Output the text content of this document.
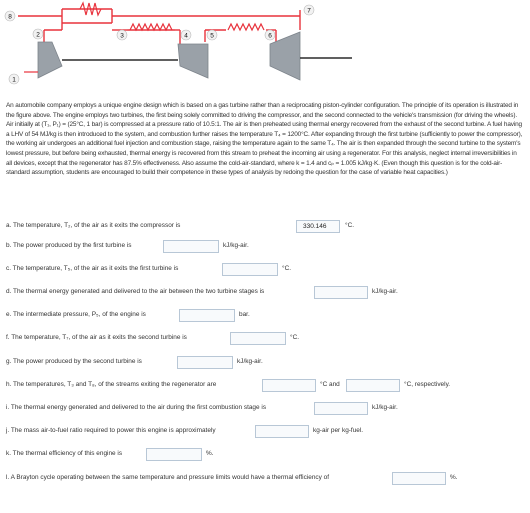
8
2	3	4	5	6
7
1
An automobile company employs a unique engine design which is based on a gas turbine rather than a reciprocating piston-cylinder configuration. The principle of its operation is illustrated in the figure above. The engine employs two turbines, the first being solely committed to driving the compressor, and the second connected to the vehicle's transmission (for driving the wheels). Air initially at (T₁, P₁) = (25°C, 1 bar) is compressed at a pressure ratio of 10.5:1. The air is then preheated using thermal energy recovered from the exhaust of the second turbine. A fuel having a LHV of 54 MJ/kg is then introduced to the system, and combustion further raises the temperature T₄ = 1200°C. After expanding through the first turbine (sufficiently to power the compressor), the working air undergoes an additional fuel injection and combustion stage, raising the temperature again to the same T₄. The air is then expanded through the second turbine to the system's lowest pressure, but before being exhausted, thermal energy is recovered from this stream to preheat the incoming air using a regenerator. For this analysis, neglect internal irreversibilities in all devices, except that the regenerator has 87.5% effectiveness. Also assume the cold-air-standard, where k = 1.4 and cₚ = 1.005 kJ/kg·K. (Even though this question is for the cold-air-standard assumption, students are encouraged to build their competence in these types of analysis by redoing the question for the case of variable heat capacities.)
a. The temperature, T₂, of the air as it exits the compressor is	330.146	°C.
b. The power produced by the first turbine is	kJ/kg-air.
c. The temperature, T₅, of the air as it exits the first turbine is	°C.
d. The thermal energy generated and delivered to the air between the two turbine stages is	kJ/kg-air.
e. The intermediate pressure, P₅, of the engine is	bar.
f. The temperature, T₇, of the air as it exits the second turbine is	°C.
g. The power produced by the second turbine is	kJ/kg-air.
h. The temperatures, T₃ and T₈, of the streams exiting the regenerator are	°C and	°C, respectively.
i. The thermal energy generated and delivered to the air during the first combustion stage is	kJ/kg-air.
j. The mass air-to-fuel ratio required to power this engine is approximately	kg-air per kg-fuel.
k. The thermal efficiency of this engine is	%.
l. A Brayton cycle operating between the same temperature and pressure limits would have a thermal efficiency of	%.
